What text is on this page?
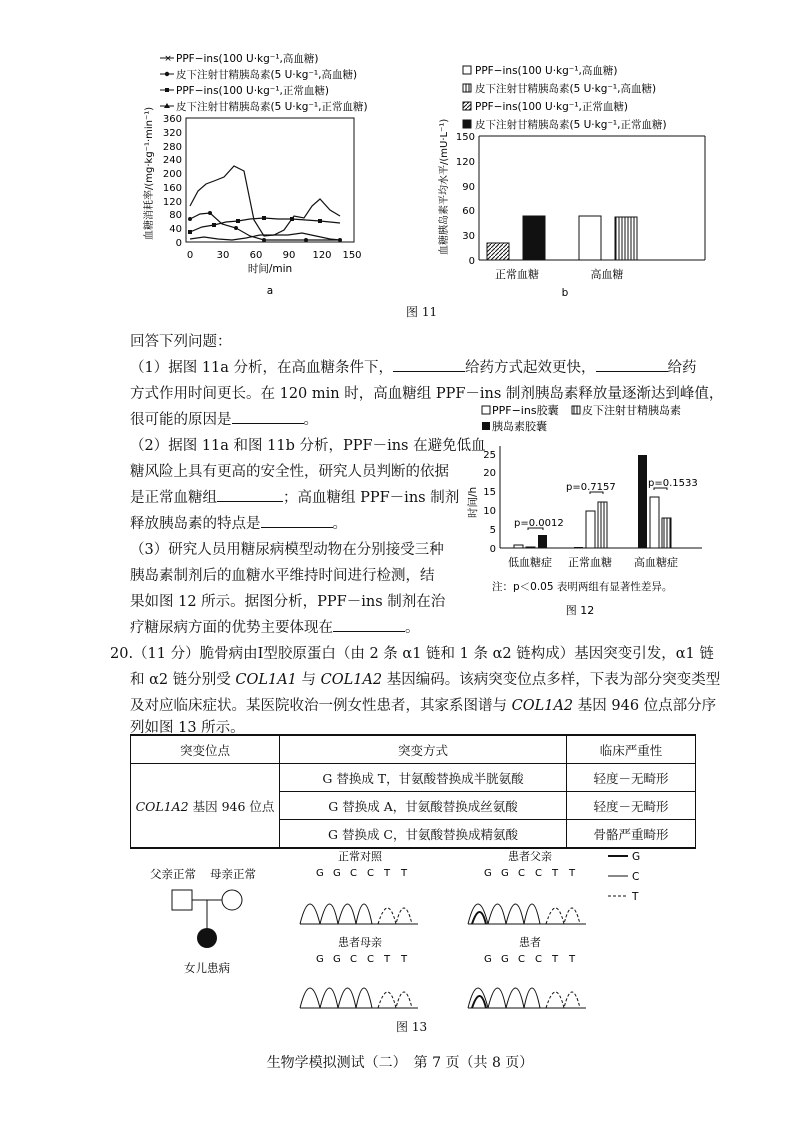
× PPF−ins(100 U·kg⁻¹,高血糖)
皮下注射甘精胰岛素(5 U·kg⁻¹,高血糖)
PPF−ins(100 U·kg⁻¹,正常血糖)
皮下注射甘精胰岛素(5 U·kg⁻¹,正常血糖)
血糖消耗率/(mg·kg⁻¹·min⁻¹) 360
320
280
240
200
160
120
80
40
0
0 30 60 90 120 150
时间/min
a
PPF−ins(100 U·kg⁻¹,高血糖)
皮下注射甘精胰岛素(5 U·kg⁻¹,高血糖)
PPF−ins(100 U·kg⁻¹,正常血糖)
皮下注射甘精胰岛素(5 U·kg⁻¹,正常血糖)
血糖胰岛素平均水平/(mU·L⁻¹) 150
120
90
60
30
0
正常血糖	高血糖
b
图 11
回答下列问题：
（1）据图 11a 分析，在高血糖条件下，	给药方式起效更快，	给药
方式作用时间更长。在 120 min 时，高血糖组 PPF－ins 制剂胰岛素释放量逐渐达到峰值，
很可能的原因是	。
（2）据图 11a 和图 11b 分析，PPF－ins 在避免低血
糖风险上具有更高的安全性，研究人员判断的依据
是正常血糖组	；高血糖组 PPF－ins 制剂
释放胰岛素的特点是	。
（3）研究人员用糖尿病模型动物在分别接受三种
胰岛素制剂后的血糖水平维持时间进行检测，结
果如图 12 所示。据图分析，PPF－ins 制剂在治
疗糖尿病方面的优势主要体现在	。
PPF−ins胶囊 皮下注射甘精胰岛素
胰岛素胶囊
时间/h
25
20
15
10
5
0
p=0.0012
p=0.7157	p=0.1533
低血糖症 正常血糖 高血糖症
注：p＜0.05 表明两组有显著性差异。
图 12
20.（11 分）脆骨病由Ⅰ型胶原蛋白（由 2 条 α1 链和 1 条 α2 链构成）基因突变引发，α1 链
和 α2 链分别受 COL1A1 与 COL1A2 基因编码。该病突变位点多样，下表为部分突变类型
及对应临床症状。某医院收治一例女性患者，其家系图谱与 COL1A2 基因 946 位点部分序
列如图 13 所示。
突变位点	突变方式	临床严重性
COL1A2 基因 946 位点	G 替换成 T，甘氨酸替换成半胱氨酸	轻度－无畸形
	G 替换成 A，甘氨酸替换成丝氨酸	轻度－无畸形
	G 替换成 C，甘氨酸替换成精氨酸	骨骼严重畸形
父亲正常 母亲正常
女儿患病
正常对照
G G C C T T
患者父亲
G G C C T T
患者母亲
G G C C T T
患者
G G C C T T
G
C
T
图 13
生物学模拟测试（二）　第 7 页（共 8 页）
